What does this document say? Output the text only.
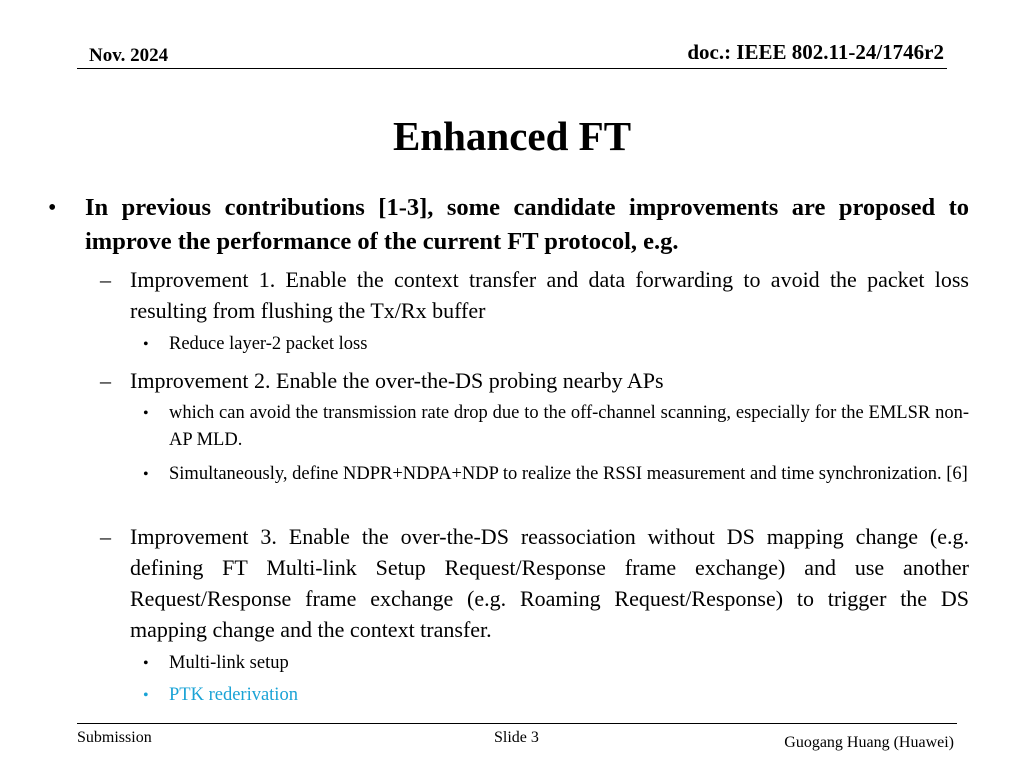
Nov. 2024	doc.: IEEE 802.11-24/1746r2
Enhanced FT
• In previous contributions [1-3], some candidate improvements are proposed to improve the performance of the current FT protocol, e.g.
– Improvement 1. Enable the context transfer and data forwarding to avoid the packet loss resulting from flushing the Tx/Rx buffer
• Reduce layer-2 packet loss
– Improvement 2. Enable the over-the-DS probing nearby APs
• which can avoid the transmission rate drop due to the off-channel scanning, especially for the EMLSR non-AP MLD.
• Simultaneously, define NDPR+NDPA+NDP to realize the RSSI measurement and time synchronization. [6]
– Improvement 3. Enable the over-the-DS reassociation without DS mapping change (e.g. defining FT Multi-link Setup Request/Response frame exchange) and use another Request/Response frame exchange (e.g. Roaming Request/Response) to trigger the DS mapping change and the context transfer.
• Multi-link setup
• PTK rederivation
Submission	Slide 3	Guogang Huang (Huawei)
